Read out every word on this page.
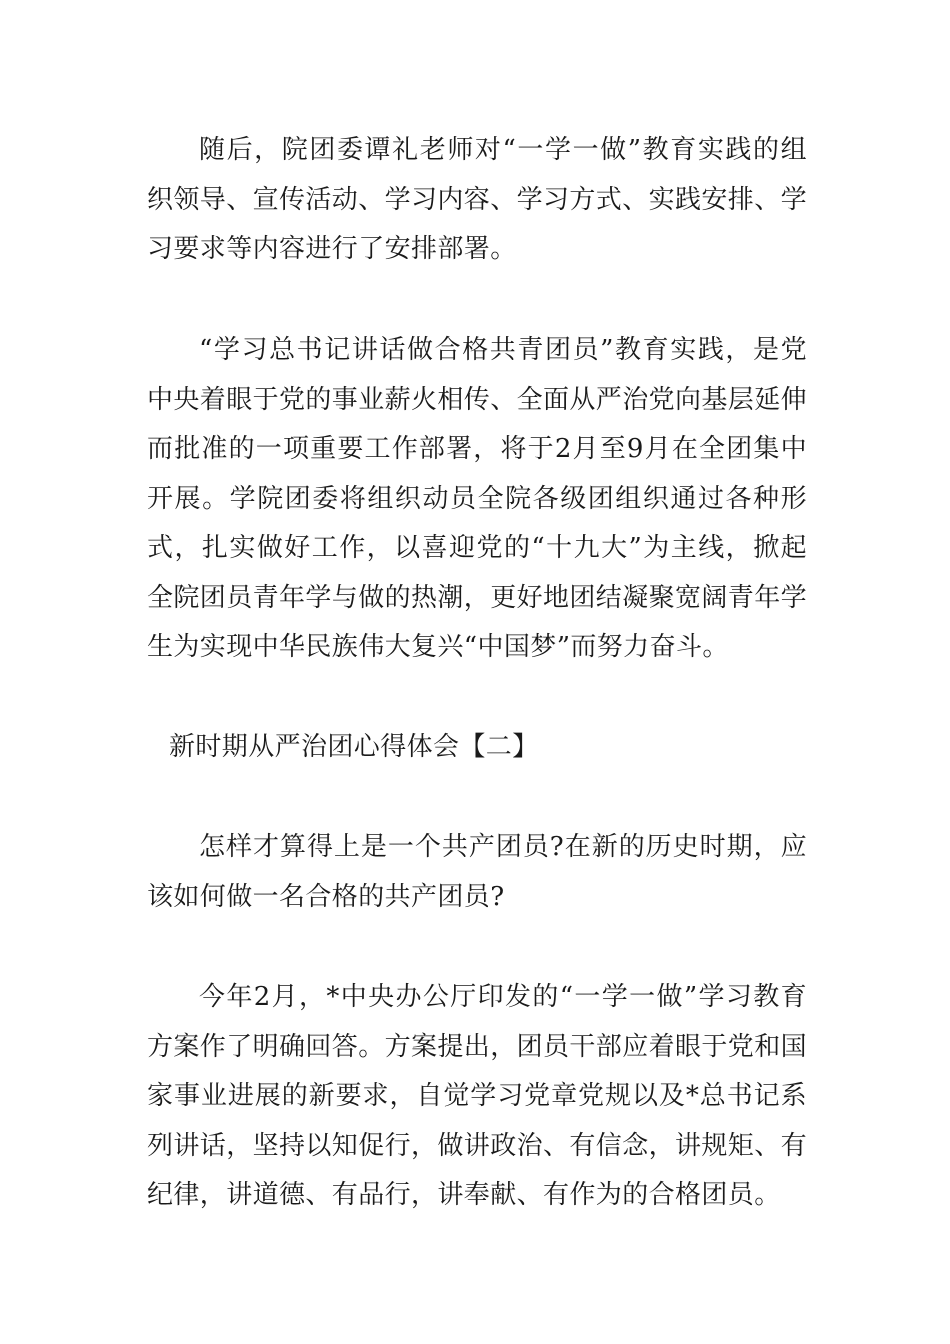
随后，院团委谭礼老师对“一学一做”教育实践的组织领导、宣传活动、学习内容、学习方式、实践安排、学习要求等内容进行了安排部署。

“学习总书记讲话做合格共青团员”教育实践，是党中央着眼于党的事业薪火相传、全面从严治党向基层延伸而批准的一项重要工作部署，将于2月至9月在全团集中开展。学院团委将组织动员全院各级团组织通过各种形式，扎实做好工作，以喜迎党的“十九大”为主线，掀起全院团员青年学与做的热潮，更好地团结凝聚宽阔青年学生为实现中华民族伟大复兴“中国梦”而努力奋斗。

新时期从严治团心得体会【二】

怎样才算得上是一个共产团员?在新的历史时期，应该如何做一名合格的共产团员?

今年2月，*中央办公厅印发的“一学一做”学习教育方案作了明确回答。方案提出，团员干部应着眼于党和国家事业进展的新要求，自觉学习党章党规以及*总书记系列讲话，坚持以知促行，做讲政治、有信念，讲规矩、有纪律，讲道德、有品行，讲奉献、有作为的合格团员。
